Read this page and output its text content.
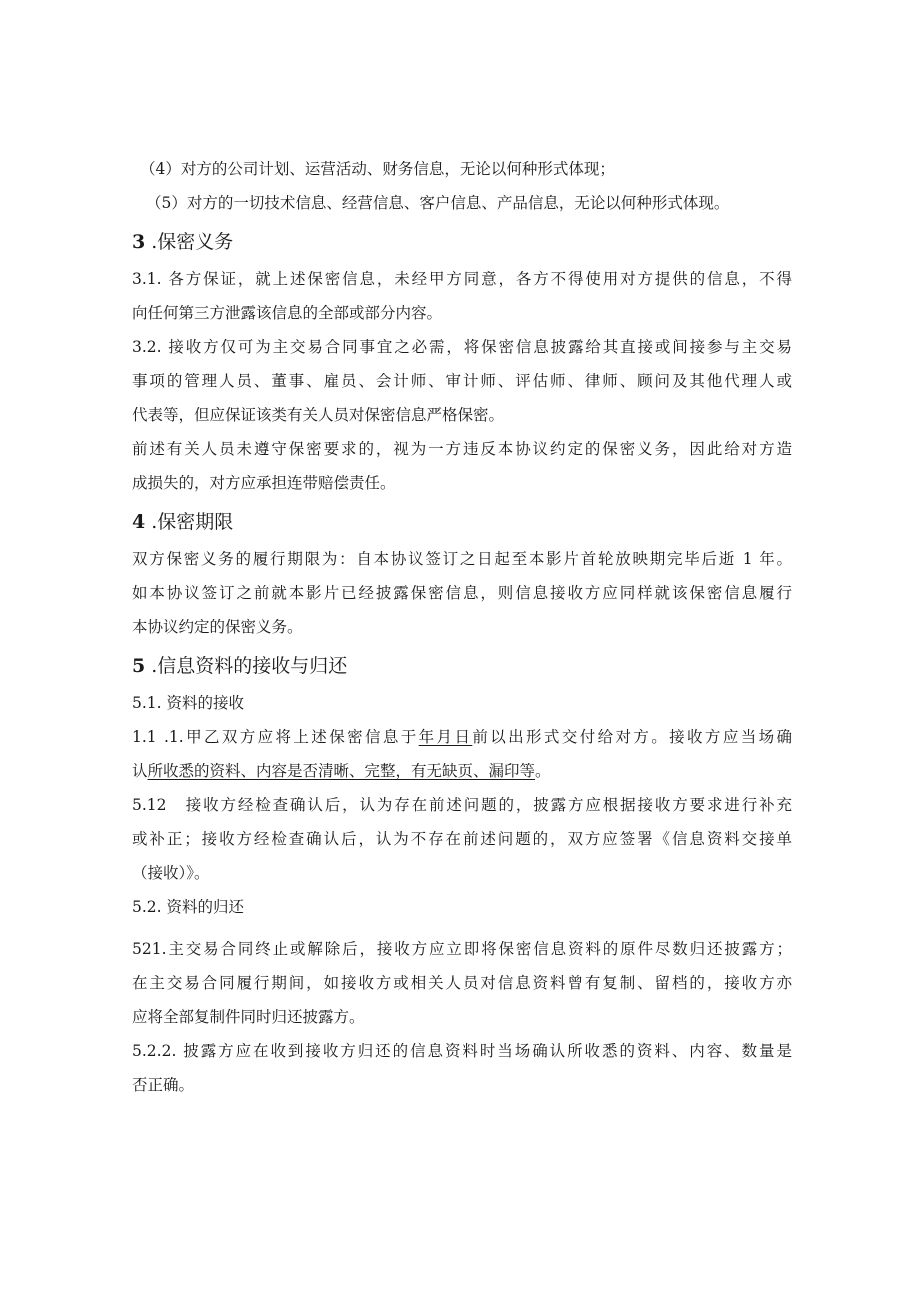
（4）对方的公司计划、运营活动、财务信息，无论以何种形式体现；
（5）对方的一切技术信息、经营信息、客户信息、产品信息，无论以何种形式体现。
3 .保密义务
3.1. 各方保证，就上述保密信息，未经甲方同意，各方不得使用对方提供的信息，不得
向任何第三方泄露该信息的全部或部分内容。
3.2. 接收方仅可为主交易合同事宜之必需，将保密信息披露给其直接或间接参与主交易
事项的管理人员、董事、雇员、会计师、审计师、评估师、律师、顾问及其他代理人或
代表等，但应保证该类有关人员对保密信息严格保密。
前述有关人员未遵守保密要求的，视为一方违反本协议约定的保密义务，因此给对方造
成损失的，对方应承担连带赔偿责任。
4 .保密期限
双方保密义务的履行期限为：自本协议签订之日起至本影片首轮放映期完毕后逝 1 年。
如本协议签订之前就本影片已经披露保密信息，则信息接收方应同样就该保密信息履行
本协议约定的保密义务。
5 .信息资料的接收与归还
5.1. 资料的接收
1.1 .1.甲乙双方应将上述保密信息于年月日前以出形式交付给对方。接收方应当场确
认所收悉的资料、内容是否清晰、完整，有无缺页、漏印等。
5.12　接收方经检查确认后，认为存在前述问题的，披露方应根据接收方要求进行补充
或补正；接收方经检查确认后，认为不存在前述问题的，双方应签署《信息资料交接单
（接收）》。
5.2. 资料的归还
521.主交易合同终止或解除后，接收方应立即将保密信息资料的原件尽数归还披露方；
在主交易合同履行期间，如接收方或相关人员对信息资料曾有复制、留档的，接收方亦
应将全部复制件同时归还披露方。
5.2.2. 披露方应在收到接收方归还的信息资料时当场确认所收悉的资料、内容、数量是
否正确。
